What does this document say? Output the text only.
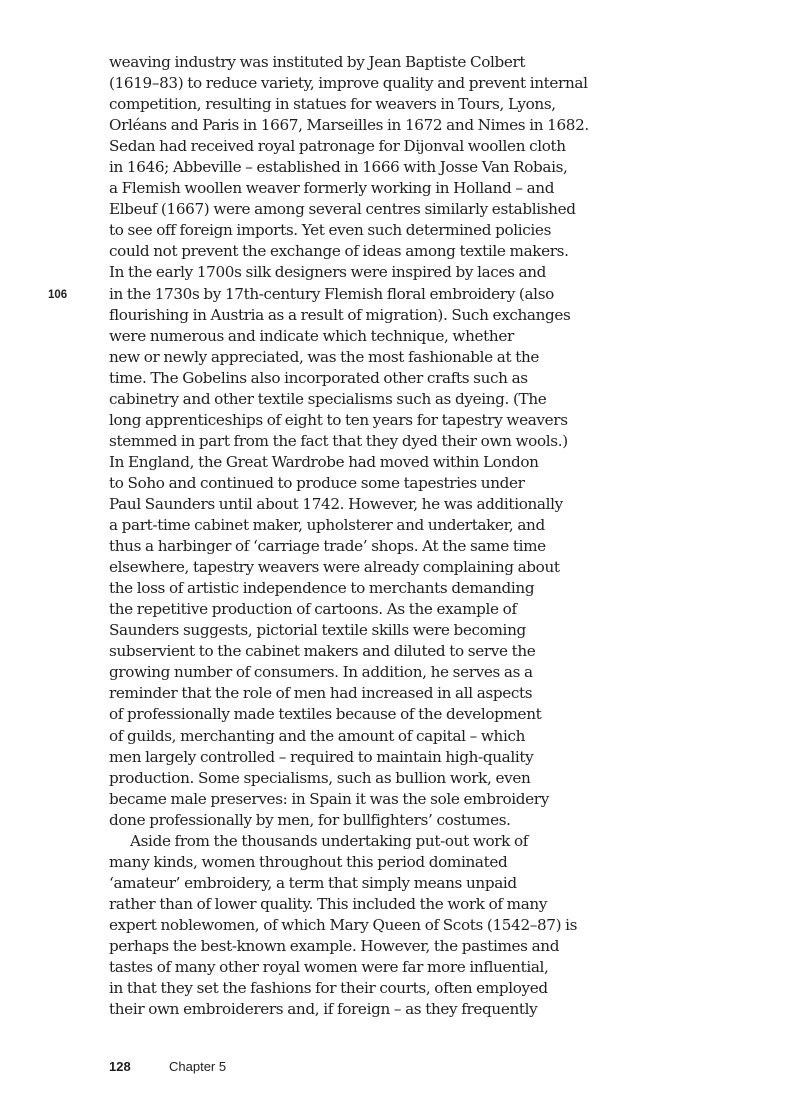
106
weaving industry was instituted by Jean Baptiste Colbert
(1619–83) to reduce variety, improve quality and prevent internal
competition, resulting in statues for weavers in Tours, Lyons,
Orléans and Paris in 1667, Marseilles in 1672 and Nimes in 1682.
Sedan had received royal patronage for Dijonval woollen cloth
in 1646; Abbeville – established in 1666 with Josse Van Robais,
a Flemish woollen weaver formerly working in Holland – and
Elbeuf (1667) were among several centres similarly established
to see off foreign imports. Yet even such determined policies
could not prevent the exchange of ideas among textile makers.
In the early 1700s silk designers were inspired by laces and
in the 1730s by 17th-century Flemish floral embroidery (also
flourishing in Austria as a result of migration). Such exchanges
were numerous and indicate which technique, whether
new or newly appreciated, was the most fashionable at the
time. The Gobelins also incorporated other crafts such as
cabinetry and other textile specialisms such as dyeing. (The
long apprenticeships of eight to ten years for tapestry weavers
stemmed in part from the fact that they dyed their own wools.)
In England, the Great Wardrobe had moved within London
to Soho and continued to produce some tapestries under
Paul Saunders until about 1742. However, he was additionally
a part-time cabinet maker, upholsterer and undertaker, and
thus a harbinger of ‘carriage trade’ shops. At the same time
elsewhere, tapestry weavers were already complaining about
the loss of artistic independence to merchants demanding
the repetitive production of cartoons. As the example of
Saunders suggests, pictorial textile skills were becoming
subservient to the cabinet makers and diluted to serve the
growing number of consumers. In addition, he serves as a
reminder that the role of men had increased in all aspects
of professionally made textiles because of the development
of guilds, merchanting and the amount of capital – which
men largely controlled – required to maintain high-quality
production. Some specialisms, such as bullion work, even
became male preserves: in Spain it was the sole embroidery
done professionally by men, for bullfighters’ costumes.
Aside from the thousands undertaking put-out work of
many kinds, women throughout this period dominated
‘amateur’ embroidery, a term that simply means unpaid
rather than of lower quality. This included the work of many
expert noblewomen, of which Mary Queen of Scots (1542–87) is
perhaps the best-known example. However, the pastimes and
tastes of many other royal women were far more influential,
in that they set the fashions for their courts, often employed
their own embroiderers and, if foreign – as they frequently
128	Chapter 5
